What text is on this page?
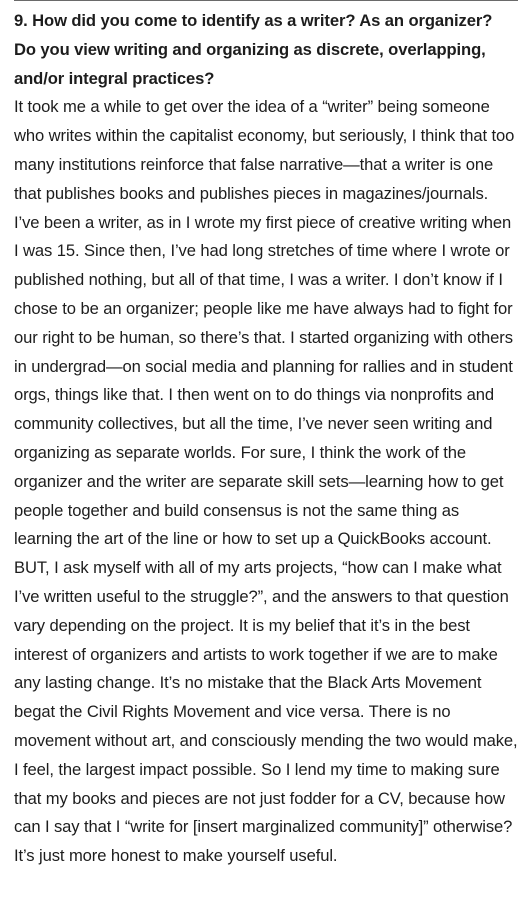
9. How did you come to identify as a writer? As an organizer? Do you view writing and organizing as discrete, overlapping, and/or integral practices?

It took me a while to get over the idea of a “writer” being someone who writes within the capitalist economy, but seriously, I think that too many institutions reinforce that false narrative—that a writer is one that publishes books and publishes pieces in magazines/journals. I’ve been a writer, as in I wrote my first piece of creative writing when I was 15. Since then, I’ve had long stretches of time where I wrote or published nothing, but all of that time, I was a writer. I don’t know if I chose to be an organizer; people like me have always had to fight for our right to be human, so there’s that. I started organizing with others in undergrad—on social media and planning for rallies and in student orgs, things like that. I then went on to do things via nonprofits and community collectives, but all the time, I’ve never seen writing and organizing as separate worlds. For sure, I think the work of the organizer and the writer are separate skill sets—learning how to get people together and build consensus is not the same thing as learning the art of the line or how to set up a QuickBooks account. BUT, I ask myself with all of my arts projects, “how can I make what I’ve written useful to the struggle?”, and the answers to that question vary depending on the project. It is my belief that it’s in the best interest of organizers and artists to work together if we are to make any lasting change. It’s no mistake that the Black Arts Movement begat the Civil Rights Movement and vice versa. There is no movement without art, and consciously mending the two would make, I feel, the largest impact possible. So I lend my time to making sure that my books and pieces are not just fodder for a CV, because how can I say that I “write for [insert marginalized community]” otherwise? It’s just more honest to make yourself useful.
